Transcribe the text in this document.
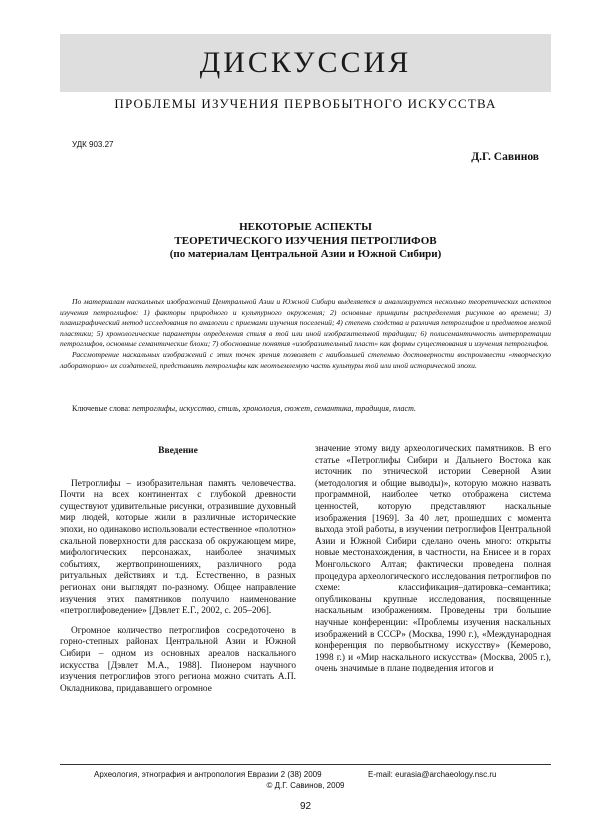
ДИСКУССИЯ
ПРОБЛЕМЫ ИЗУЧЕНИЯ ПЕРВОБЫТНОГО ИСКУССТВА
УДК 903.27
Д.Г. Савинов
НЕКОТОРЫЕ АСПЕКТЫ
ТЕОРЕТИЧЕСКОГО ИЗУЧЕНИЯ ПЕТРОГЛИФОВ
(по материалам Центральной Азии и Южной Сибири)

По материалам наскальных изображений Центральной Азии и Южной Сибири выделяется и анализируется несколько теоретических аспектов изучения петроглифов: 1) факторы природного и культурного окружения; 2) основные принципы распределения рисунков во времени; 3) планиграфический метод исследования по аналогии с приемами изучения поселений; 4) степень сходства и различия петроглифов и предметов мелкой пластики; 5) хронологические параметры определения стиля в той или иной изобразительной традиции; 6) полисемантичность интерпретации петроглифов, основные семантические блоки; 7) обоснование понятия «изобразительный пласт» как формы существования и изучения петроглифов.

Рассмотрение наскальных изображений с этих точек зрения позволяет с наибольшей степенью достоверности воспроизвести «творческую лабораторию» их создателей, представить петроглифы как неотъемлемую часть культуры той или иной исторической эпохи.

Ключевые слова: петроглифы, искусство, стиль, хронология, сюжет, семантика, традиция, пласт.

Введение

Петроглифы – изобразительная память человечества. Почти на всех континентах с глубокой древности существуют удивительные рисунки, отразившие духовный мир людей, которые жили в различные исторические эпохи, но одинаково использовали естественное «полотно» скальной поверхности для рассказа об окружающем мире, мифологических персонажах, наиболее значимых событиях, жертвоприношениях, различного рода ритуальных действиях и т.д. Естественно, в разных регионах они выглядят по-разному. Общее направление изучения этих памятников получило наименование «петроглифоведение» [Дэвлет Е.Г., 2002, с. 205–206].

Огромное количество петроглифов сосредоточено в горно-степных районах Центральной Азии и Южной Сибири – одном из основных ареалов наскального искусства [Дэвлет М.А., 1988]. Пионером научного изучения петроглифов этого региона можно считать А.П. Окладникова, придававшего огромное

значение этому виду археологических памятников. В его статье «Петроглифы Сибири и Дальнего Востока как источник по этнической истории Северной Азии (методология и общие выводы)», которую можно назвать программной, наиболее четко отображена система ценностей, которую представляют наскальные изображения [1969]. За 40 лет, прошедших с момента выхода этой работы, в изучении петроглифов Центральной Азии и Южной Сибири сделано очень много: открыты новые местонахождения, в частности, на Енисее и в горах Монгольского Алтая; фактически проведена полная процедура археологического исследования петроглифов по схеме: классификация–датировка–семантика; опубликованы крупные исследования, посвященные наскальным изображениям. Проведены три большие научные конференции: «Проблемы изучения наскальных изображений в СССР» (Москва, 1990 г.), «Международная конференция по первобытному искусству» (Кемерово, 1998 г.) и «Мир наскального искусства» (Москва, 2005 г.), очень значимые в плане подведения итогов и

Археология, этнография и антропология Евразии 2 (38) 2009	E-mail: eurasia@archaeology.nsc.ru
© Д.Г. Савинов, 2009
92
